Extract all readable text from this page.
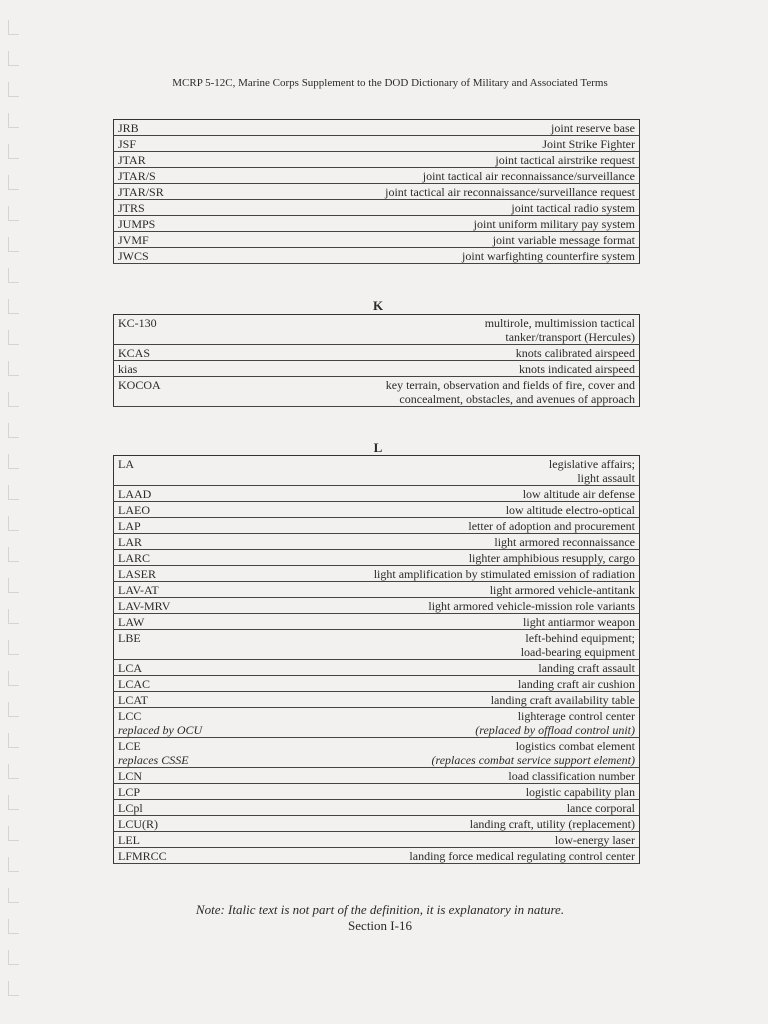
MCRP 5-12C, Marine Corps Supplement to the DOD Dictionary of Military and Associated Terms
JRB	joint reserve base

JSF	Joint Strike Fighter

JTAR	joint tactical airstrike request

JTAR/S	joint tactical air reconnaissance/surveillance

JTAR/SR	joint tactical air reconnaissance/surveillance request

JTRS	joint tactical radio system

JUMPS	joint uniform military pay system

JVMF	joint variable message format

JWCS	joint warfighting counterfire system
K
KC-130	multirole, multimission tactical
tanker/transport (Hercules)

KCAS	knots calibrated airspeed

kias	knots indicated airspeed

KOCOA	key terrain, observation and fields of fire, cover and
concealment, obstacles, and avenues of approach
L
LA	legislative affairs;
light assault

LAAD	low altitude air defense

LAEO	low altitude electro-optical

LAP	letter of adoption and procurement

LAR	light armored reconnaissance

LARC	lighter amphibious resupply, cargo

LASER	light amplification by stimulated emission of radiation

LAV-AT	light armored vehicle-antitank

LAV-MRV	light armored vehicle-mission role variants

LAW	light antiarmor weapon

LBE	left-behind equipment;
load-bearing equipment

LCA	landing craft assault

LCAC	landing craft air cushion

LCAT	landing craft availability table

LCC
replaced by OCU	lighterage control center
(replaced by offload control unit)

LCE
replaces CSSE	logistics combat element
(replaces combat service support element)

LCN	load classification number

LCP	logistic capability plan

LCpl	lance corporal

LCU(R)	landing craft, utility (replacement)

LEL	low-energy laser

LFMRCC	landing force medical regulating control center
Note: Italic text is not part of the definition, it is explanatory in nature.
Section I-16
